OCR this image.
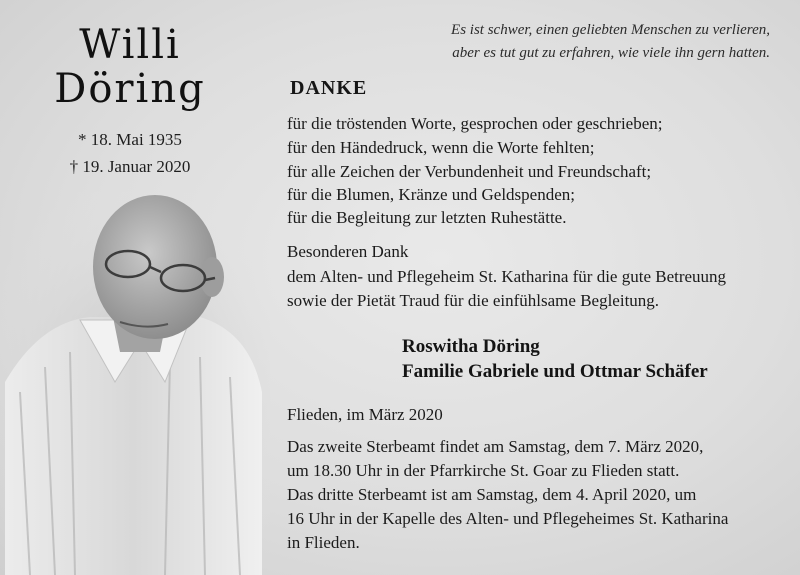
Willi
Döring
* 18. Mai 1935
† 19. Januar 2020
Es ist schwer, einen geliebten Menschen zu verlieren,
aber es tut gut zu erfahren, wie viele ihn gern hatten.
DANKE
für die tröstenden Worte, gesprochen oder geschrieben;
für den Händedruck, wenn die Worte fehlten;
für alle Zeichen der Verbundenheit und Freundschaft;
für die Blumen, Kränze und Geldspenden;
für die Begleitung zur letzten Ruhestätte.
Besonderen Dank
dem Alten- und Pflegeheim St. Katharina für die gute Betreuung
sowie der Pietät Traud für die einfühlsame Begleitung.
Roswitha Döring
Familie Gabriele und Ottmar Schäfer
Flieden, im März 2020
Das zweite Sterbeamt findet am Samstag, dem 7. März 2020,
um 18.30 Uhr in der Pfarrkirche St. Goar zu Flieden statt.
Das dritte Sterbeamt ist am Samstag, dem 4. April 2020, um
16 Uhr in der Kapelle des Alten- und Pflegeheimes St. Katharina
in Flieden.
